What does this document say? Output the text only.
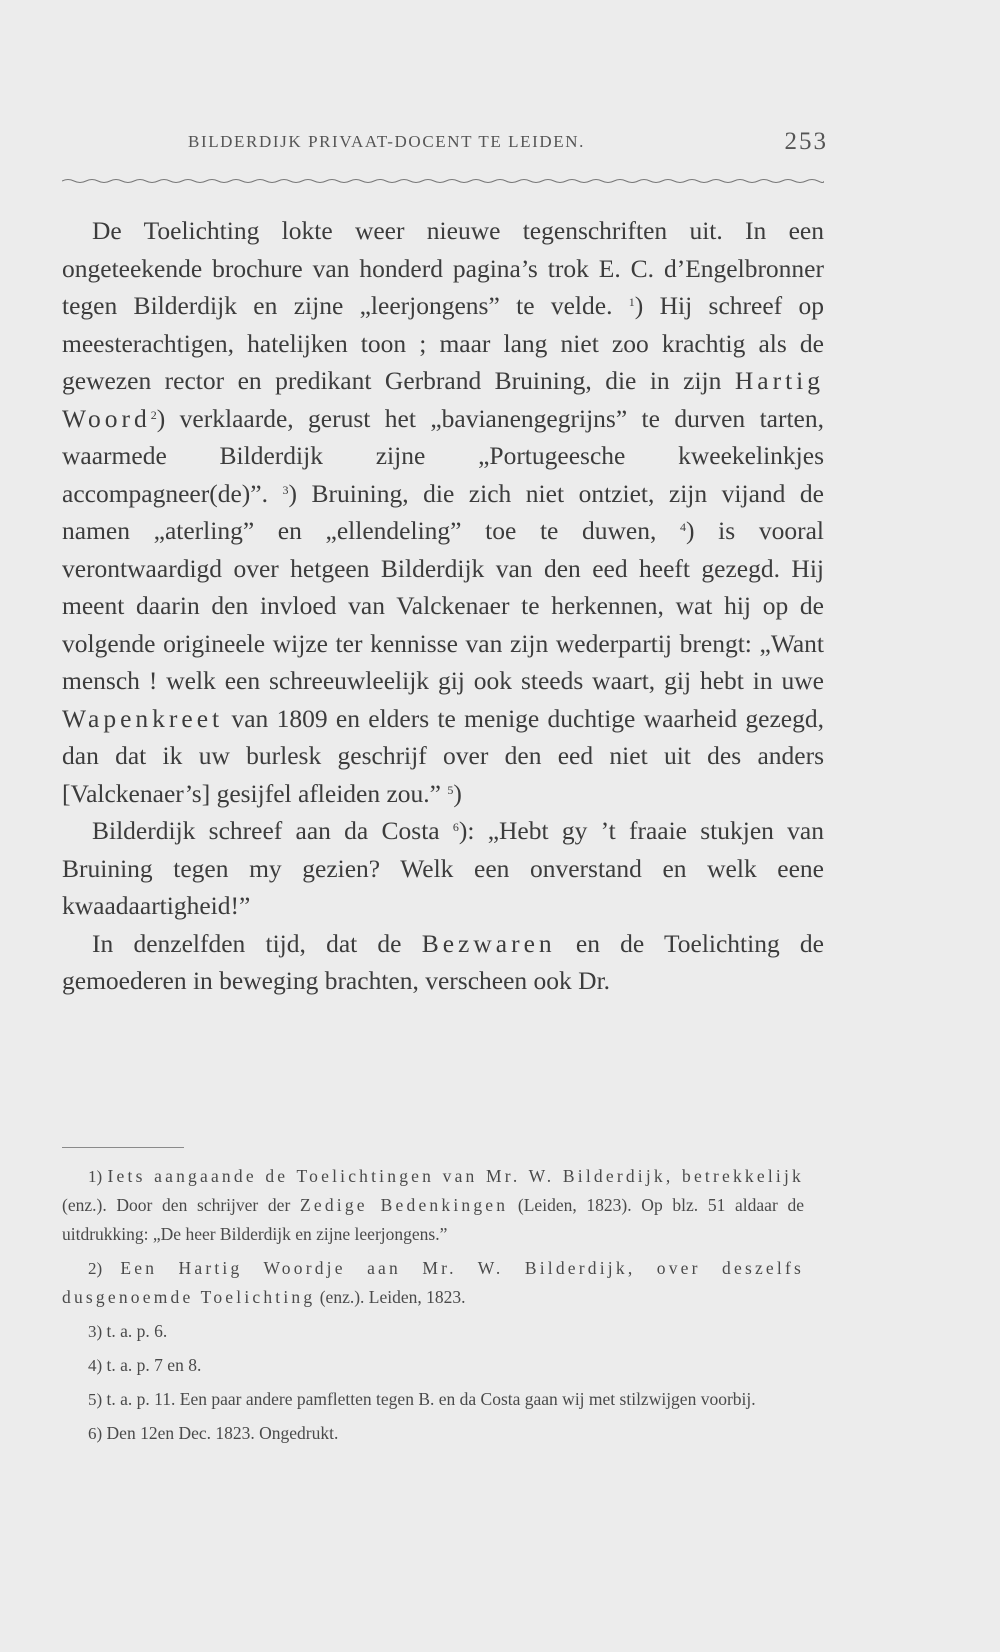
BILDERDIJK PRIVAAT-DOCENT TE LEIDEN.	253

De Toelichting lokte weer nieuwe tegenschriften uit. In een ongeteekende brochure van honderd pagina’s trok E. C. d’Engelbronner tegen Bilderdijk en zijne „leerjongens” te velde. $^1$) Hij schreef op meesterachtigen, hatelijken toon ; maar lang niet zoo krachtig als de gewezen rector en predikant Gerbrand Bruining, die in zijn Hartig Woord$^2$) verklaarde, gerust het „bavianengegrijns” te durven tarten, waarmede Bilderdijk zijne „Portugeesche kweekelinkjes accompagneer(de)”. $^3$) Bruining, die zich niet ontziet, zijn vijand de namen „aterling” en „ellendeling” toe te duwen, $^4$) is vooral verontwaardigd over hetgeen Bilderdijk van den eed heeft gezegd. Hij meent daarin den invloed van Valckenaer te herkennen, wat hij op de volgende origineele wijze ter kennisse van zijn wederpartij brengt: „Want mensch ! welk een schreeuwleelijk gij ook steeds waart, gij hebt in uwe Wapenkreet van 1809 en elders te menige duchtige waarheid gezegd, dan dat ik uw burlesk geschrijf over den eed niet uit des anders [Valckenaer’s] gesijfel afleiden zou.” $^5$)

Bilderdijk schreef aan da Costa $^6$): „Hebt gy ’t fraaie stukjen van Bruining tegen my gezien? Welk een onverstand en welk eene kwaadaartigheid!”

In denzelfden tijd, dat de Bezwaren en de Toelichting de gemoederen in beweging brachten, verscheen ook Dr.

1) Iets aangaande de Toelichtingen van Mr. W. Bilderdijk, betrekkelijk (enz.). Door den schrijver der Zedige Bedenkingen (Leiden, 1823). Op blz. 51 aldaar de uitdrukking: „De heer Bilderdijk en zijne leerjongens.”

2) Een Hartig Woordje aan Mr. W. Bilderdijk, over deszelfs dusgenoemde Toelichting (enz.). Leiden, 1823.

3) t. a. p. 6.

4) t. a. p. 7 en 8.

5) t. a. p. 11. Een paar andere pamfletten tegen B. en da Costa gaan wij met stilzwijgen voorbij.

6) Den 12en Dec. 1823. Ongedrukt.
